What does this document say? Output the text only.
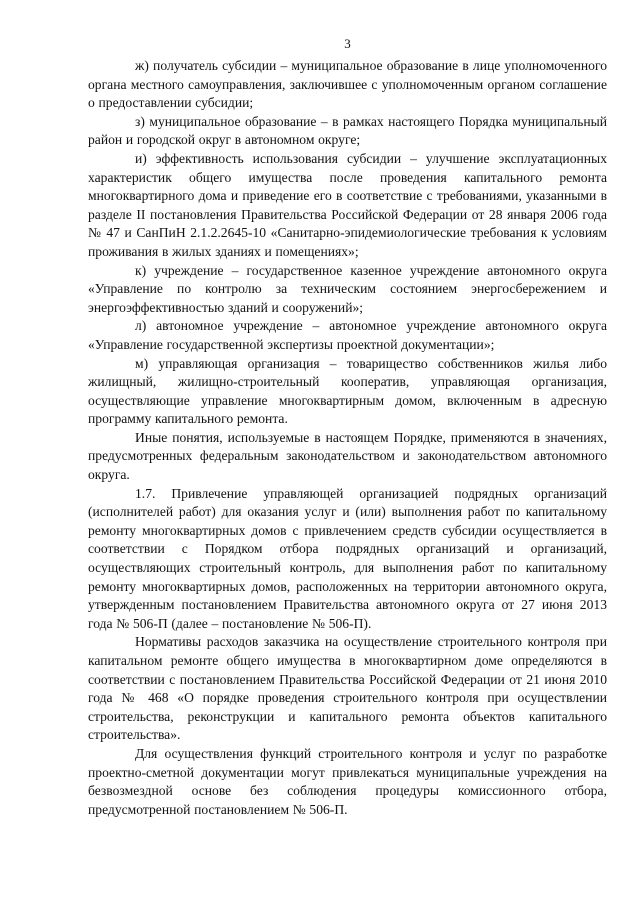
3

ж) получатель субсидии – муниципальное образование в лице уполномоченного органа местного самоуправления, заключившее с уполномоченным органом соглашение о предоставлении субсидии;

з) муниципальное образование – в рамках настоящего Порядка муниципальный район и городской округ в автономном округе;

и) эффективность использования субсидии – улучшение эксплуатационных характеристик общего имущества после проведения капитального ремонта многоквартирного дома и приведение его в соответствие с требованиями, указанными в разделе II постановления Правительства Российской Федерации от 28 января 2006 года № 47 и СанПиН 2.1.2.2645-10 «Санитарно-эпидемиологические требования к условиям проживания в жилых зданиях и помещениях»;

к) учреждение – государственное казенное учреждение автономного округа «Управление по контролю за техническим состоянием энергосбережением и энергоэффективностью зданий и сооружений»;

л) автономное учреждение – автономное учреждение автономного округа «Управление государственной экспертизы проектной документации»;

м) управляющая организация – товарищество собственников жилья либо жилищный, жилищно-строительный кооператив, управляющая организация, осуществляющие управление многоквартирным домом, включенным в адресную программу капитального ремонта.

Иные понятия, используемые в настоящем Порядке, применяются в значениях, предусмотренных федеральным законодательством и законодательством автономного округа.

1.7. Привлечение управляющей организацией подрядных организаций (исполнителей работ) для оказания услуг и (или) выполнения работ по капитальному ремонту многоквартирных домов с привлечением средств субсидии осуществляется в соответствии с Порядком отбора подрядных организаций и организаций, осуществляющих строительный контроль, для выполнения работ по капитальному ремонту многоквартирных домов, расположенных на территории автономного округа, утвержденным постановлением Правительства автономного округа от 27 июня 2013 года № 506-П (далее – постановление № 506-П).

Нормативы расходов заказчика на осуществление строительного контроля при капитальном ремонте общего имущества в многоквартирном доме определяются в соответствии с постановлением Правительства Российской Федерации от 21 июня 2010 года № 468 «О порядке проведения строительного контроля при осуществлении строительства, реконструкции и капитального ремонта объектов капитального строительства».

Для осуществления функций строительного контроля и услуг по разработке проектно-сметной документации могут привлекаться муниципальные учреждения на безвозмездной основе без соблюдения процедуры комиссионного отбора, предусмотренной постановлением № 506-П.
